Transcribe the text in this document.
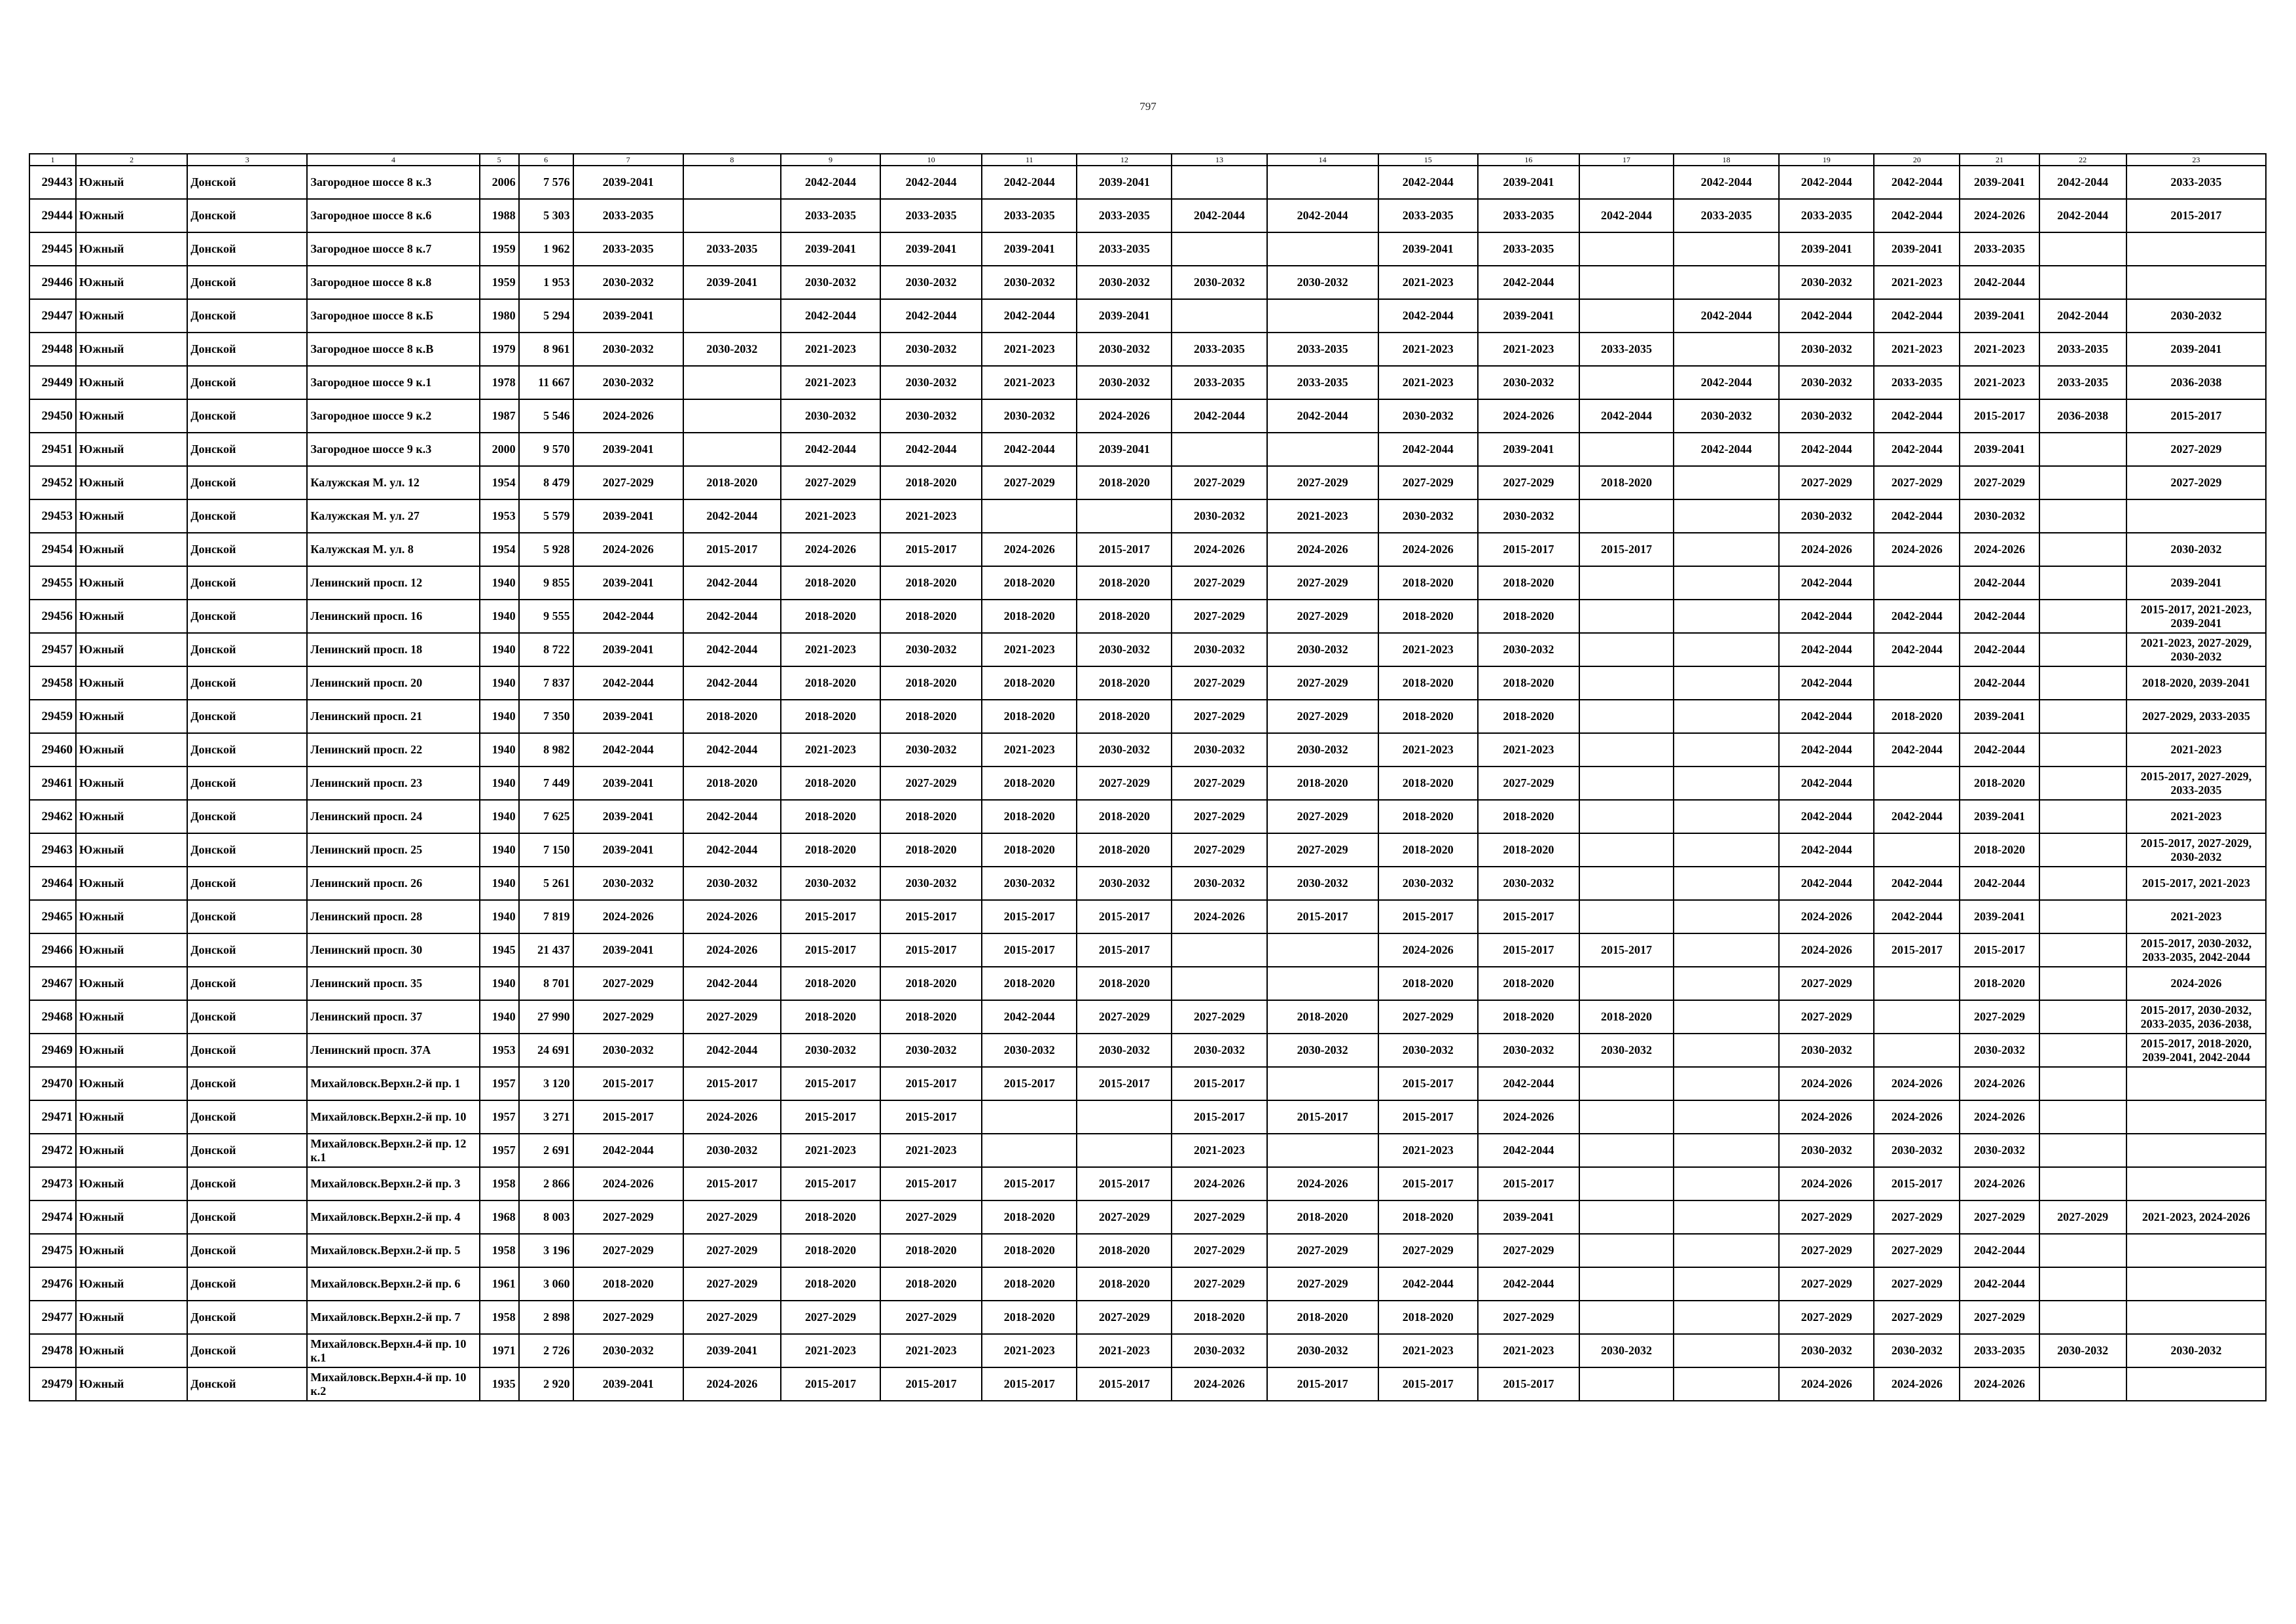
797
1	2	3	4	5	6	7	8	9	10	11	12	13	14	15	16	17	18	19	20	21	22	23
29443	Южный	Донской	Загородное шоссе 8 к.3	2006	7 576	2039-2041		2042-2044	2042-2044	2042-2044	2039-2041			2042-2044	2039-2041		2042-2044	2042-2044	2042-2044	2039-2041	2042-2044	2033-2035
29444	Южный	Донской	Загородное шоссе 8 к.6	1988	5 303	2033-2035		2033-2035	2033-2035	2033-2035	2033-2035	2042-2044	2042-2044	2033-2035	2033-2035	2042-2044	2033-2035	2033-2035	2042-2044	2024-2026	2042-2044	2015-2017
29445	Южный	Донской	Загородное шоссе 8 к.7	1959	1 962	2033-2035	2033-2035	2039-2041	2039-2041	2039-2041	2033-2035			2039-2041	2033-2035			2039-2041	2039-2041	2033-2035		
29446	Южный	Донской	Загородное шоссе 8 к.8	1959	1 953	2030-2032	2039-2041	2030-2032	2030-2032	2030-2032	2030-2032	2030-2032	2030-2032	2021-2023	2042-2044			2030-2032	2021-2023	2042-2044		
29447	Южный	Донской	Загородное шоссе 8 к.Б	1980	5 294	2039-2041		2042-2044	2042-2044	2042-2044	2039-2041			2042-2044	2039-2041		2042-2044	2042-2044	2042-2044	2039-2041	2042-2044	2030-2032
29448	Южный	Донской	Загородное шоссе 8 к.В	1979	8 961	2030-2032	2030-2032	2021-2023	2030-2032	2021-2023	2030-2032	2033-2035	2033-2035	2021-2023	2021-2023	2033-2035		2030-2032	2021-2023	2021-2023	2033-2035	2039-2041
29449	Южный	Донской	Загородное шоссе 9 к.1	1978	11 667	2030-2032		2021-2023	2030-2032	2021-2023	2030-2032	2033-2035	2033-2035	2021-2023	2030-2032		2042-2044	2030-2032	2033-2035	2021-2023	2033-2035	2036-2038
29450	Южный	Донской	Загородное шоссе 9 к.2	1987	5 546	2024-2026		2030-2032	2030-2032	2030-2032	2024-2026	2042-2044	2042-2044	2030-2032	2024-2026	2042-2044	2030-2032	2030-2032	2042-2044	2015-2017	2036-2038	2015-2017
29451	Южный	Донской	Загородное шоссе 9 к.3	2000	9 570	2039-2041		2042-2044	2042-2044	2042-2044	2039-2041			2042-2044	2039-2041		2042-2044	2042-2044	2042-2044	2039-2041		2027-2029
29452	Южный	Донской	Калужская М. ул. 12	1954	8 479	2027-2029	2018-2020	2027-2029	2018-2020	2027-2029	2018-2020	2027-2029	2027-2029	2027-2029	2027-2029	2018-2020		2027-2029	2027-2029	2027-2029		2027-2029
29453	Южный	Донской	Калужская М. ул. 27	1953	5 579	2039-2041	2042-2044	2021-2023	2021-2023			2030-2032	2021-2023	2030-2032	2030-2032			2030-2032	2042-2044	2030-2032		
29454	Южный	Донской	Калужская М. ул. 8	1954	5 928	2024-2026	2015-2017	2024-2026	2015-2017	2024-2026	2015-2017	2024-2026	2024-2026	2024-2026	2015-2017	2015-2017		2024-2026	2024-2026	2024-2026		2030-2032
29455	Южный	Донской	Ленинский просп. 12	1940	9 855	2039-2041	2042-2044	2018-2020	2018-2020	2018-2020	2018-2020	2027-2029	2027-2029	2018-2020	2018-2020			2042-2044		2042-2044		2039-2041
29456	Южный	Донской	Ленинский просп. 16	1940	9 555	2042-2044	2042-2044	2018-2020	2018-2020	2018-2020	2018-2020	2027-2029	2027-2029	2018-2020	2018-2020			2042-2044	2042-2044	2042-2044		2015-2017, 2021-2023, 2039-2041
29457	Южный	Донской	Ленинский просп. 18	1940	8 722	2039-2041	2042-2044	2021-2023	2030-2032	2021-2023	2030-2032	2030-2032	2030-2032	2021-2023	2030-2032			2042-2044	2042-2044	2042-2044		2021-2023, 2027-2029, 2030-2032
29458	Южный	Донской	Ленинский просп. 20	1940	7 837	2042-2044	2042-2044	2018-2020	2018-2020	2018-2020	2018-2020	2027-2029	2027-2029	2018-2020	2018-2020			2042-2044		2042-2044		2018-2020, 2039-2041
29459	Южный	Донской	Ленинский просп. 21	1940	7 350	2039-2041	2018-2020	2018-2020	2018-2020	2018-2020	2018-2020	2027-2029	2027-2029	2018-2020	2018-2020			2042-2044	2018-2020	2039-2041		2027-2029, 2033-2035
29460	Южный	Донской	Ленинский просп. 22	1940	8 982	2042-2044	2042-2044	2021-2023	2030-2032	2021-2023	2030-2032	2030-2032	2030-2032	2021-2023	2021-2023			2042-2044	2042-2044	2042-2044		2021-2023
29461	Южный	Донской	Ленинский просп. 23	1940	7 449	2039-2041	2018-2020	2018-2020	2027-2029	2018-2020	2027-2029	2027-2029	2018-2020	2018-2020	2027-2029			2042-2044		2018-2020		2015-2017, 2027-2029, 2033-2035
29462	Южный	Донской	Ленинский просп. 24	1940	7 625	2039-2041	2042-2044	2018-2020	2018-2020	2018-2020	2018-2020	2027-2029	2027-2029	2018-2020	2018-2020			2042-2044	2042-2044	2039-2041		2021-2023
29463	Южный	Донской	Ленинский просп. 25	1940	7 150	2039-2041	2042-2044	2018-2020	2018-2020	2018-2020	2018-2020	2027-2029	2027-2029	2018-2020	2018-2020			2042-2044		2018-2020		2015-2017, 2027-2029, 2030-2032
29464	Южный	Донской	Ленинский просп. 26	1940	5 261	2030-2032	2030-2032	2030-2032	2030-2032	2030-2032	2030-2032	2030-2032	2030-2032	2030-2032	2030-2032			2042-2044	2042-2044	2042-2044		2015-2017, 2021-2023
29465	Южный	Донской	Ленинский просп. 28	1940	7 819	2024-2026	2024-2026	2015-2017	2015-2017	2015-2017	2015-2017	2024-2026	2015-2017	2015-2017	2015-2017			2024-2026	2042-2044	2039-2041		2021-2023
29466	Южный	Донской	Ленинский просп. 30	1945	21 437	2039-2041	2024-2026	2015-2017	2015-2017	2015-2017	2015-2017			2024-2026	2015-2017	2015-2017		2024-2026	2015-2017	2015-2017		2015-2017, 2030-2032, 2033-2035, 2042-2044
29467	Южный	Донской	Ленинский просп. 35	1940	8 701	2027-2029	2042-2044	2018-2020	2018-2020	2018-2020	2018-2020			2018-2020	2018-2020			2027-2029		2018-2020		2024-2026
29468	Южный	Донской	Ленинский просп. 37	1940	27 990	2027-2029	2027-2029	2018-2020	2018-2020	2042-2044	2027-2029	2027-2029	2018-2020	2027-2029	2018-2020	2018-2020		2027-2029		2027-2029		2015-2017, 2030-2032, 2033-2035, 2036-2038,
29469	Южный	Донской	Ленинский просп. 37А	1953	24 691	2030-2032	2042-2044	2030-2032	2030-2032	2030-2032	2030-2032	2030-2032	2030-2032	2030-2032	2030-2032	2030-2032		2030-2032		2030-2032		2015-2017, 2018-2020, 2039-2041, 2042-2044
29470	Южный	Донской	Михайловск.Верхн.2-й пр. 1	1957	3 120	2015-2017	2015-2017	2015-2017	2015-2017	2015-2017	2015-2017	2015-2017		2015-2017	2042-2044			2024-2026	2024-2026	2024-2026		
29471	Южный	Донской	Михайловск.Верхн.2-й пр. 10	1957	3 271	2015-2017	2024-2026	2015-2017	2015-2017			2015-2017	2015-2017	2015-2017	2024-2026			2024-2026	2024-2026	2024-2026		
29472	Южный	Донской	Михайловск.Верхн.2-й пр. 12 к.1	1957	2 691	2042-2044	2030-2032	2021-2023	2021-2023			2021-2023		2021-2023	2042-2044			2030-2032	2030-2032	2030-2032		
29473	Южный	Донской	Михайловск.Верхн.2-й пр. 3	1958	2 866	2024-2026	2015-2017	2015-2017	2015-2017	2015-2017	2015-2017	2024-2026	2024-2026	2015-2017	2015-2017			2024-2026	2015-2017	2024-2026		
29474	Южный	Донской	Михайловск.Верхн.2-й пр. 4	1968	8 003	2027-2029	2027-2029	2018-2020	2027-2029	2018-2020	2027-2029	2027-2029	2018-2020	2018-2020	2039-2041			2027-2029	2027-2029	2027-2029	2027-2029	2021-2023, 2024-2026
29475	Южный	Донской	Михайловск.Верхн.2-й пр. 5	1958	3 196	2027-2029	2027-2029	2018-2020	2018-2020	2018-2020	2018-2020	2027-2029	2027-2029	2027-2029	2027-2029			2027-2029	2027-2029	2042-2044		
29476	Южный	Донской	Михайловск.Верхн.2-й пр. 6	1961	3 060	2018-2020	2027-2029	2018-2020	2018-2020	2018-2020	2018-2020	2027-2029	2027-2029	2042-2044	2042-2044			2027-2029	2027-2029	2042-2044		
29477	Южный	Донской	Михайловск.Верхн.2-й пр. 7	1958	2 898	2027-2029	2027-2029	2027-2029	2027-2029	2018-2020	2027-2029	2018-2020	2018-2020	2018-2020	2027-2029			2027-2029	2027-2029	2027-2029		
29478	Южный	Донской	Михайловск.Верхн.4-й пр. 10 к.1	1971	2 726	2030-2032	2039-2041	2021-2023	2021-2023	2021-2023	2021-2023	2030-2032	2030-2032	2021-2023	2021-2023	2030-2032		2030-2032	2030-2032	2033-2035	2030-2032	2030-2032
29479	Южный	Донской	Михайловск.Верхн.4-й пр. 10 к.2	1935	2 920	2039-2041	2024-2026	2015-2017	2015-2017	2015-2017	2015-2017	2024-2026	2015-2017	2015-2017	2015-2017			2024-2026	2024-2026	2024-2026		
